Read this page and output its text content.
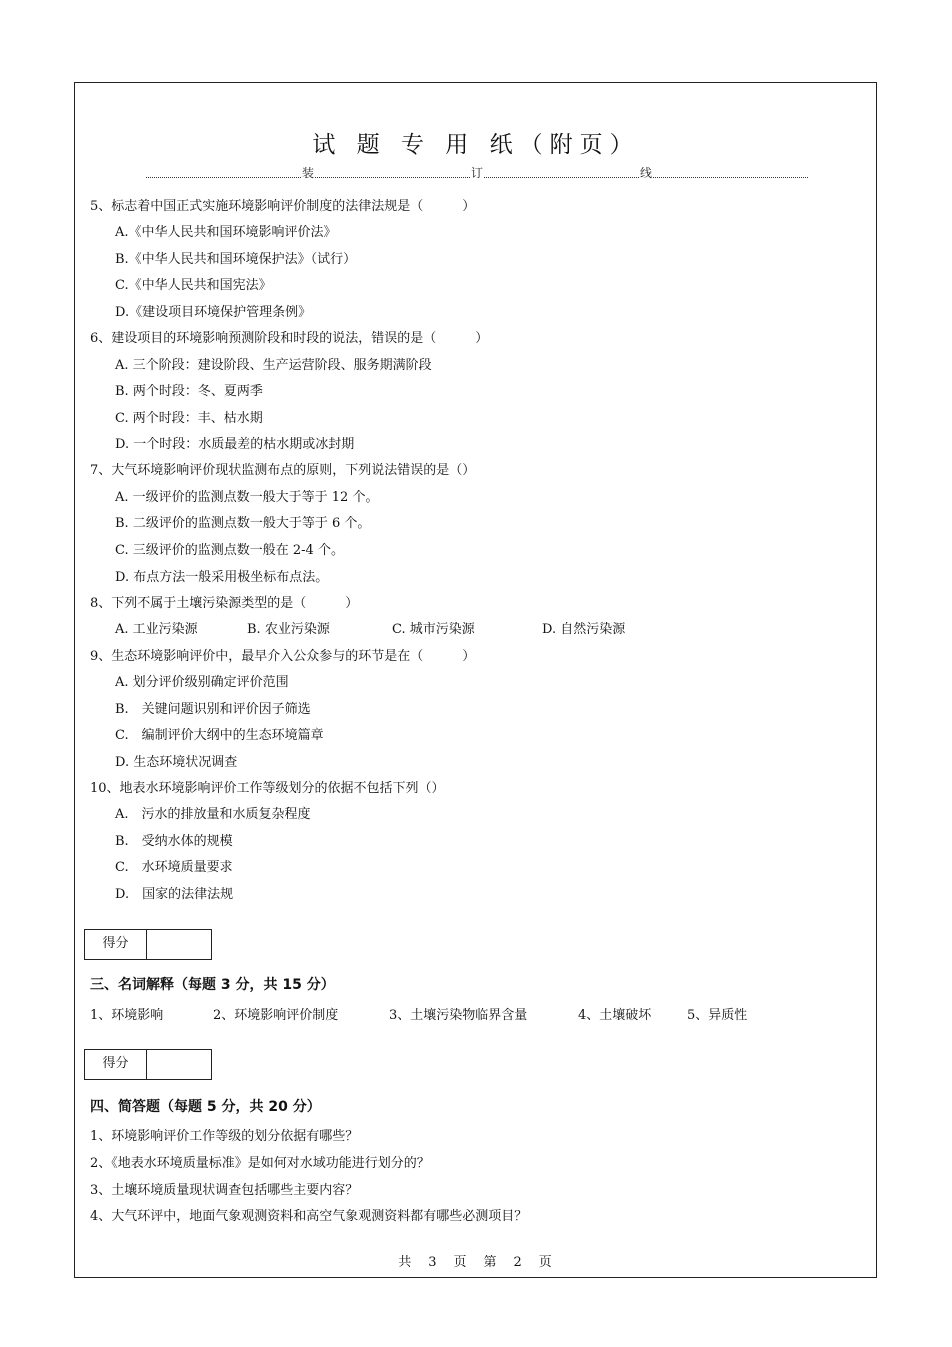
试 题 专 用 纸（附页）
装	订	线
5、标志着中国正式实施环境影响评价制度的法律法规是（　　　）
A.《中华人民共和国环境影响评价法》
B.《中华人民共和国环境保护法》（试行）
C.《中华人民共和国宪法》
D.《建设项目环境保护管理条例》
6、建设项目的环境影响预测阶段和时段的说法，错误的是（　　　）
A. 三个阶段：建设阶段、生产运营阶段、服务期满阶段
B. 两个时段：冬、夏两季
C. 两个时段：丰、枯水期
D. 一个时段：水质最差的枯水期或冰封期
7、大气环境影响评价现状监测布点的原则，下列说法错误的是（）
A. 一级评价的监测点数一般大于等于 12 个。
B. 二级评价的监测点数一般大于等于 6 个。
C. 三级评价的监测点数一般在 2-4 个。
D. 布点方法一般采用极坐标布点法。
8、下列不属于土壤污染源类型的是（　　　）
A. 工业污染源	B. 农业污染源	C. 城市污染源	D. 自然污染源
9、生态环境影响评价中，最早介入公众参与的环节是在（　　　）
A. 划分评价级别确定评价范围
B.　关键问题识别和评价因子筛选
C.　编制评价大纲中的生态环境篇章
D. 生态环境状况调查
10、地表水环境影响评价工作等级划分的依据不包括下列（）
A.　污水的排放量和水质复杂程度
B.　受纳水体的规模
C.　水环境质量要求
D.　国家的法律法规
得分
三、名词解释（每题 3 分，共 15 分）
1、环境影响	2、环境影响评价制度	3、土壤污染物临界含量	4、土壤破坏	5、异质性
得分
四、简答题（每题 5 分，共 20 分）
1、环境影响评价工作等级的划分依据有哪些？
2、《地表水环境质量标准》是如何对水域功能进行划分的？
3、土壤环境质量现状调查包括哪些主要内容？
4、大气环评中，地面气象观测资料和高空气象观测资料都有哪些必测项目？
共　3　页　第　2　页
